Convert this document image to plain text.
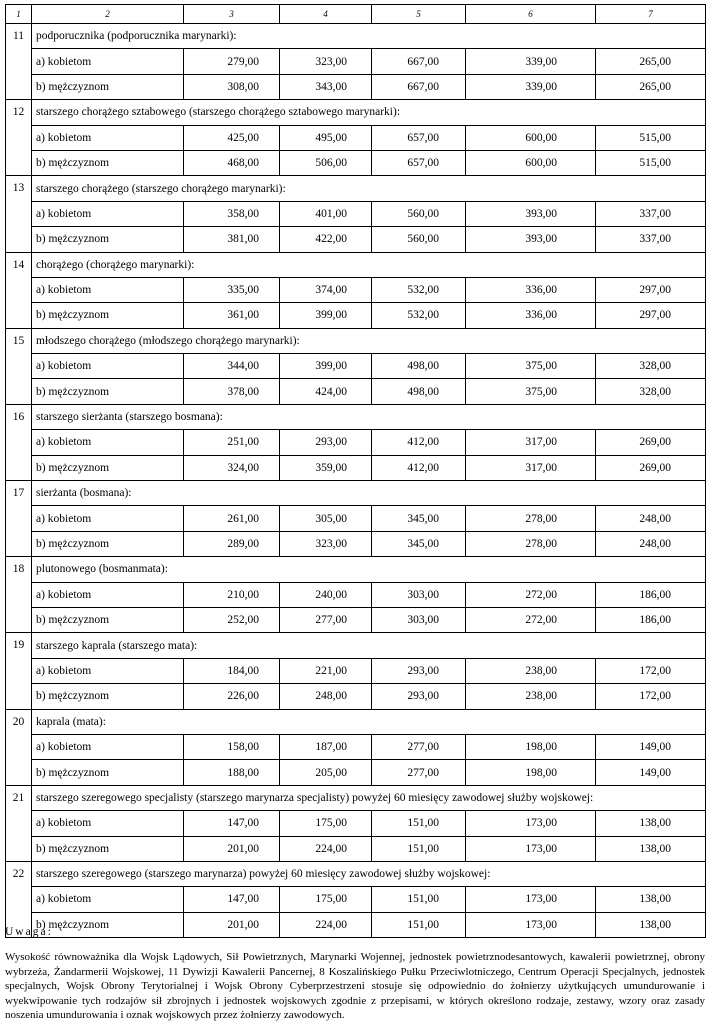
1	2	3	4	5	6	7
11	podporucznika (podporucznika marynarki):					
	a) kobietom	279,00	323,00	667,00	339,00	265,00
	b) mężczyznom	308,00	343,00	667,00	339,00	265,00
12	starszego chorążego sztabowego (starszego chorążego sztabowego marynarki):					
	a) kobietom	425,00	495,00	657,00	600,00	515,00
	b) mężczyznom	468,00	506,00	657,00	600,00	515,00
13	starszego chorążego (starszego chorążego marynarki):					
	a) kobietom	358,00	401,00	560,00	393,00	337,00
	b) mężczyznom	381,00	422,00	560,00	393,00	337,00
14	chorążego (chorążego marynarki):					
	a) kobietom	335,00	374,00	532,00	336,00	297,00
	b) mężczyznom	361,00	399,00	532,00	336,00	297,00
15	młodszego chorążego (młodszego chorążego marynarki):					
	a) kobietom	344,00	399,00	498,00	375,00	328,00
	b) mężczyznom	378,00	424,00	498,00	375,00	328,00
16	starszego sierżanta (starszego bosmana):					
	a) kobietom	251,00	293,00	412,00	317,00	269,00
	b) mężczyznom	324,00	359,00	412,00	317,00	269,00
17	sierżanta (bosmana):					
	a) kobietom	261,00	305,00	345,00	278,00	248,00
	b) mężczyznom	289,00	323,00	345,00	278,00	248,00
18	plutonowego (bosmanmata):					
	a) kobietom	210,00	240,00	303,00	272,00	186,00
	b) mężczyznom	252,00	277,00	303,00	272,00	186,00
19	starszego kaprala (starszego mata):					
	a) kobietom	184,00	221,00	293,00	238,00	172,00
	b) mężczyznom	226,00	248,00	293,00	238,00	172,00
20	kaprala (mata):					
	a) kobietom	158,00	187,00	277,00	198,00	149,00
	b) mężczyznom	188,00	205,00	277,00	198,00	149,00
21	starszego szeregowego specjalisty (starszego marynarza specjalisty) powyżej 60 miesięcy zawodowej służby wojskowej:					
	a) kobietom	147,00	175,00	151,00	173,00	138,00
	b) mężczyznom	201,00	224,00	151,00	173,00	138,00
22	starszego szeregowego (starszego marynarza) powyżej 60 miesięcy zawodowej służby wojskowej:					
	a) kobietom	147,00	175,00	151,00	173,00	138,00
	b) mężczyznom	201,00	224,00	151,00	173,00	138,00
Uwaga:
Wysokość równoważnika dla Wojsk Lądowych, Sił Powietrznych, Marynarki Wojennej, jednostek powietrznodesantowych, kawalerii powietrznej, obrony wybrzeża, Żandarmerii Wojskowej, 11 Dywizji Kawalerii Pancernej, 8 Koszalińskiego Pułku Przeciwlotniczego, Centrum Operacji Specjalnych, jednostek specjalnych, Wojsk Obrony Terytorialnej i Wojsk Obrony Cyberprzestrzeni stosuje się odpowiednio do żołnierzy użytkujących umundurowanie i wyekwipowanie tych rodzajów sił zbrojnych i jednostek wojskowych zgodnie z przepisami, w których określono rodzaje, zestawy, wzory oraz zasady noszenia umundurowania i oznak wojskowych przez żołnierzy zawodowych.
